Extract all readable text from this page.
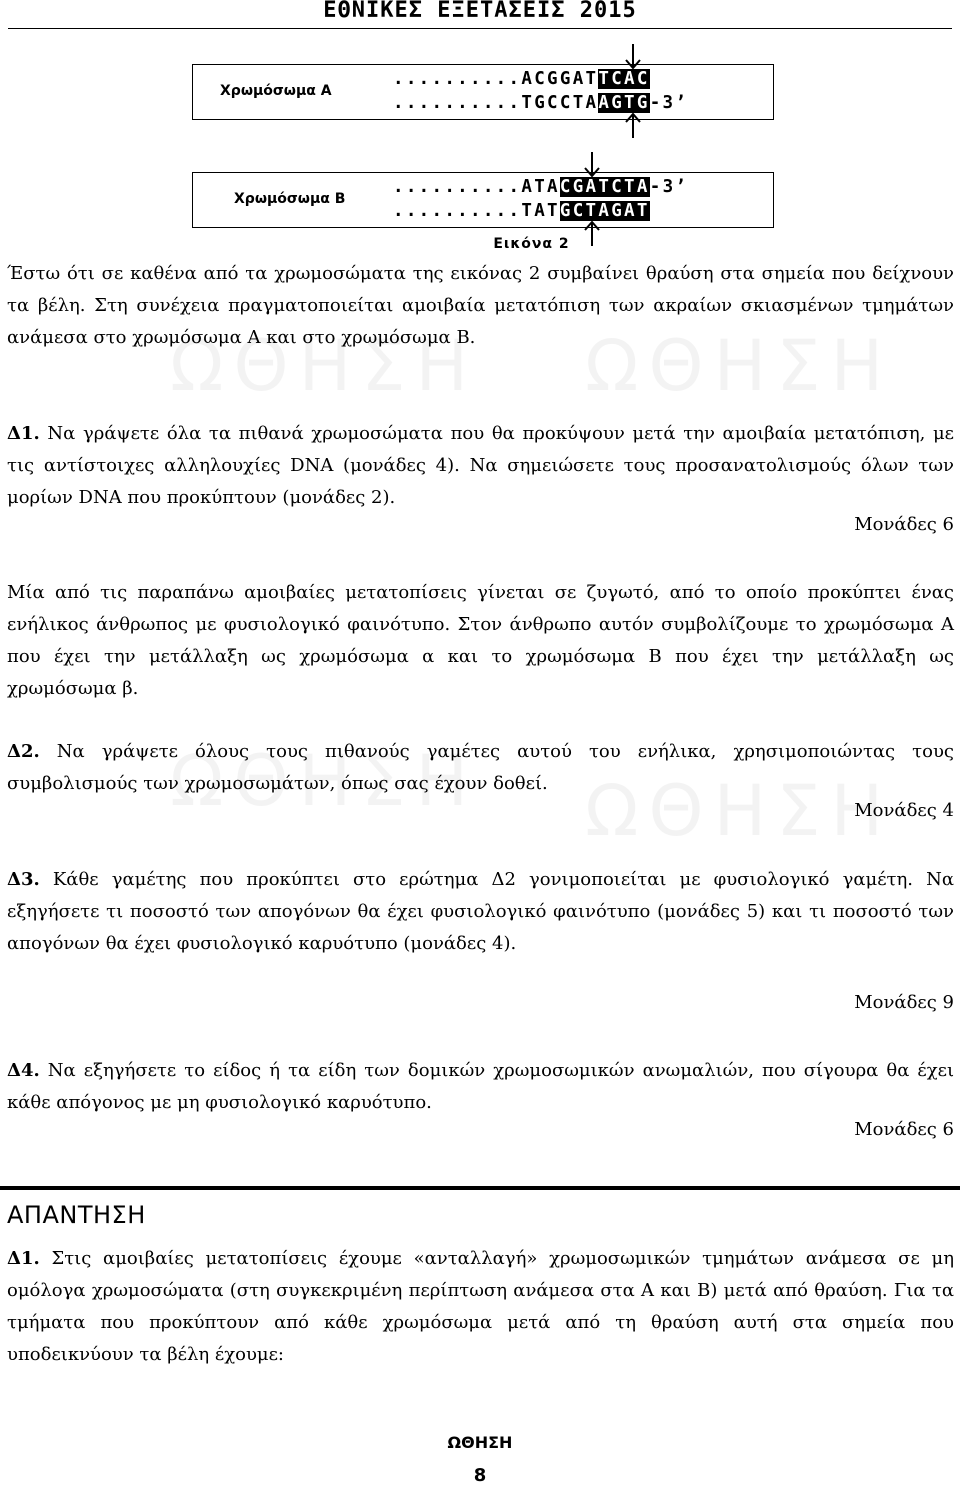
ΕΘΝΙΚΕΣ ΕΞΕΤΑΣΕΙΣ 2015
Χρωμόσωμα Α
..........ACGGATTCAC
..........TGCCTAAGTG-3’
Χρωμόσωμα Β
..........ATACGATCTA-3’
..........TATGCTAGAT
Εικόνα 2
Έστω ότι σε καθένα από τα χρωμοσώματα της εικόνας 2 συμβαίνει θραύση στα σημεία που δείχνουν τα βέλη. Στη συνέχεια πραγματοποιείται αμοιβαία μετατόπιση των ακραίων σκιασμένων τμημάτων ανάμεσα στο χρωμόσωμα Α και στο χρωμόσωμα Β.
Δ1. Να γράψετε όλα τα πιθανά χρωμοσώματα που θα προκύψουν μετά την αμοιβαία μετατόπιση, με τις αντίστοιχες αλληλουχίες DNA (μονάδες 4). Να σημειώσετε τους προσανατολισμούς όλων των μορίων DNA που προκύπτουν (μονάδες 2).
Μονάδες 6
Μία από τις παραπάνω αμοιβαίες μετατοπίσεις γίνεται σε ζυγωτό, από το οποίο προκύπτει ένας ενήλικος άνθρωπος με φυσιολογικό φαινότυπο. Στον άνθρωπο αυτόν συμβολίζουμε το χρωμόσωμα Α που έχει την μετάλλαξη ως χρωμόσωμα α και το χρωμόσωμα Β που έχει την μετάλλαξη ως χρωμόσωμα β.
Δ2. Να γράψετε όλους τους πιθανούς γαμέτες αυτού του ενήλικα, χρησιμοποιώντας τους συμβολισμούς των χρωμοσωμάτων, όπως σας έχουν δοθεί.
Μονάδες 4
Δ3. Κάθε γαμέτης που προκύπτει στο ερώτημα Δ2 γονιμοποιείται με φυσιολογικό γαμέτη. Να εξηγήσετε τι ποσοστό των απογόνων θα έχει φυσιολογικό φαινότυπο (μονάδες 5) και τι ποσοστό των απογόνων θα έχει φυσιολογικό καρυότυπο (μονάδες 4).
Μονάδες 9
Δ4. Να εξηγήσετε το είδος ή τα είδη των δομικών χρωμοσωμικών ανωμαλιών, που σίγουρα θα έχει κάθε απόγονος με μη φυσιολογικό καρυότυπο.
Μονάδες 6
ΑΠΑΝΤΗΣΗ
Δ1. Στις αμοιβαίες μετατοπίσεις έχουμε «ανταλλαγή» χρωμοσωμικών τμημάτων ανάμεσα σε μη ομόλογα χρωμοσώματα (στη συγκεκριμένη περίπτωση ανάμεσα στα Α και Β) μετά από θραύση. Για τα τμήματα που προκύπτουν από κάθε χρωμόσωμα μετά από τη θραύση αυτή στα σημεία που υποδεικνύουν τα βέλη έχουμε:
ΩΘΗΣΗ
8
